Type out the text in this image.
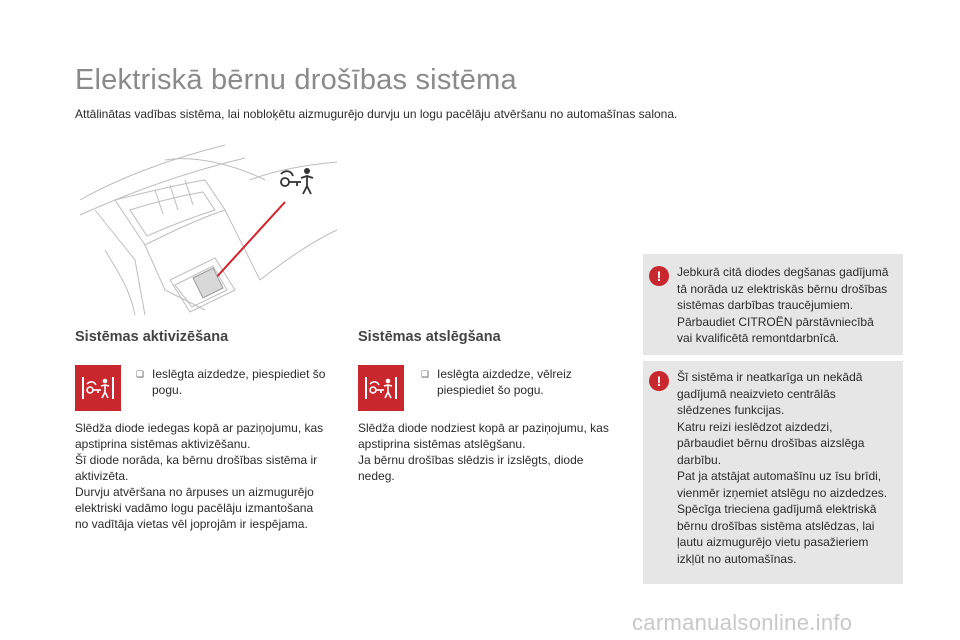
Elektriskā bērnu drošības sistēma
Attālinātas vadības sistēma, lai nobloķētu aizmugurējo durvju un logu pacēlāju atvēršanu no automašīnas salona.
Sistēmas aktivizēšana
❏ Ieslēgta aizdedze, piespiediet šo
pogu.
Slēdža diode iedegas kopā ar paziņojumu, kas
apstiprina sistēmas aktivizēšanu.
Šī diode norāda, ka bērnu drošības sistēma ir
aktivizēta.
Durvju atvēršana no ārpuses un aizmugurējo
elektriski vadāmo logu pacēlāju izmantošana
no vadītāja vietas vēl joprojām ir iespējama.
Sistēmas atslēgšana
❏ Ieslēgta aizdedze, vēlreiz
piespiediet šo pogu.
Slēdža diode nodziest kopā ar paziņojumu, kas
apstiprina sistēmas atslēgšanu.
Ja bērnu drošības slēdzis ir izslēgts, diode
nedeg.
!	Jebkurā citā diodes degšanas gadījumā
tā norāda uz elektriskās bērnu drošības
sistēmas darbības traucējumiem.
Pārbaudiet CITROËN pārstāvniecībā
vai kvalificētā remontdarbnīcā.
!	Šī sistēma ir neatkarīga un nekādā
gadījumā neaizvieto centrālās
slēdzenes funkcijas.
Katru reizi ieslēdzot aizdedzi,
pārbaudiet bērnu drošības aizslēga
darbību.
Pat ja atstājat automašīnu uz īsu brīdi,
vienmēr izņemiet atslēgu no aizdedzes.
Spēcīga trieciena gadījumā elektriskā
bērnu drošības sistēma atslēdzas, lai
ļautu aizmugurējo vietu pasažieriem
izkļūt no automašīnas.
carmanualsonline.info
